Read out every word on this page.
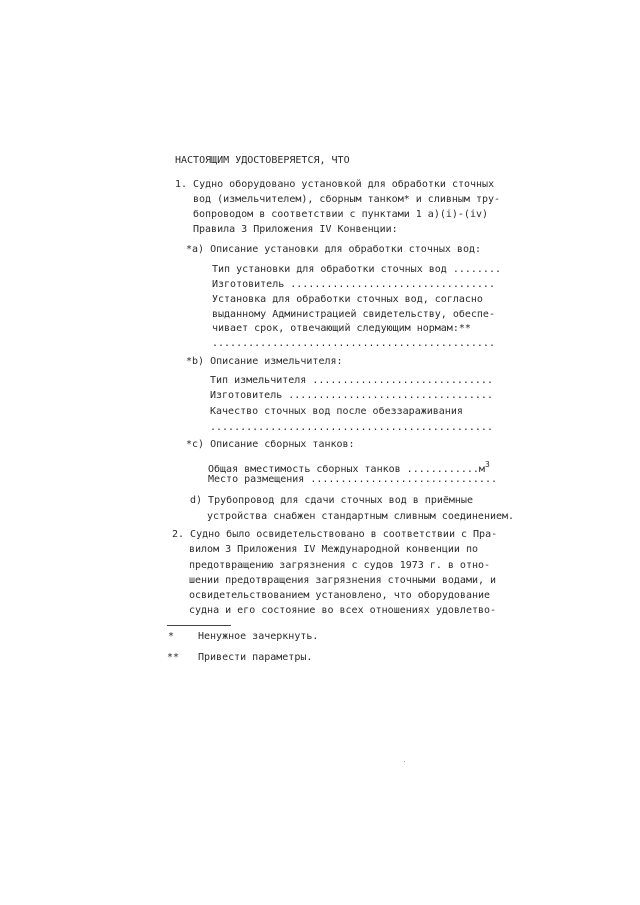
НАСТОЯЩИМ УДОСТОВЕРЯЕТСЯ, ЧТО
1. Судно оборудовано установкой для обработки сточных
вод (измельчителем), сборным танком* и сливным тру-
бопроводом в соответствии с пунктами 1 а)(i)-(iv)
Правила 3 Приложения IV Конвенции:
*а) Описание установки для обработки сточных вод:
Тип установки для обработки сточных вод ........
Изготовитель ..................................
Установка для обработки сточных вод, согласно
выданному Администрацией свидетельству, обеспе-
чивает срок, отвечающий следующим нормам:**
...............................................
*b) Описание измельчителя:
Тип измельчителя ..............................
Изготовитель ..................................
Качество сточных вод после обеззараживания
...............................................
*c) Описание сборных танков:
Общая вместимость сборных танков $............м^3$
Место размещения ...............................
d) Трубопровод для сдачи сточных вод в приёмные
устройства снабжен стандартным сливным соединением.
2. Судно было освидетельствовано в соответствии с Пра-
вилом 3 Приложения IV Международной конвенции по
предотвращению загрязнения с судов 1973 г. в отно-
шении предотвращения загрязнения сточными водами, и
освидетельствованием установлено, что оборудование
судна и его состояние во всех отношениях удовлетво-
* Ненужное зачеркнуть.
** Привести параметры.
